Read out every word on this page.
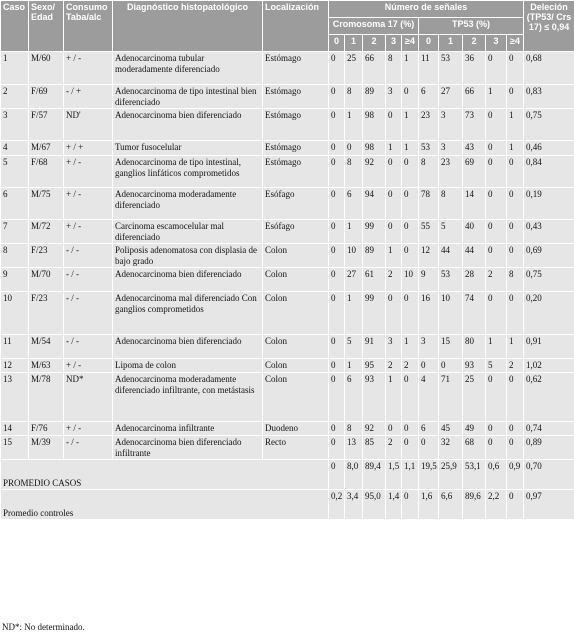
Caso	Sexo/ Edad	Consumo Taba/alc	Diagnóstico histopatológico	Localización	Número de señales										Deleción (TP53/ Crs 17) ≤ 0,94
					Cromosoma 17 (%)					TP53 (%)					
					0	1	2	3	≥4	0	1	2	3	≥4	
1	M/60	+ / -	Adenocarcinoma tubular moderadamente diferenciado	Estómago	0	25	66	8	1	11	53	36	0	0	0,68
2	F/69	- / +	Adenocarcinoma de tipo intestinal bien diferenciado	Estómago	0	8	89	3	0	6	27	66	1	0	0,83
3	F/57	ND'	Adenocarcinoma bien diferenciado	Estómago	0	1	98	0	1	23	3	73	0	1	0,75
4	M/67	+ / +	Tumor fusocelular	Estómago	0	0	98	1	1	53	3	43	0	1	0,46
5	F/68	+ / -	Adenocarcinoma de tipo intestinal, ganglios linfáticos comprometidos	Estómago	0	8	92	0	0	8	23	69	0	0	0,84
6	M/75	+ / -	Adenocarcinoma moderadamente diferenciado	Esófago	0	6	94	0	0	78	8	14	0	0	0,19
7	M/72	+ / -	Carcinoma escamocelular mal diferenciado	Esófago	0	1	99	0	0	55	5	40	0	0	0,43
8	F/23	- / -	Poliposis adenomatosa con displasia de bajo grado	Colon	0	10	89	1	0	12	44	44	0	0	0,69
9	M/70	- / -	Adenocarcinoma bien diferenciado	Colon	0	27	61	2	10	9	53	28	2	8	0,75
10	F/23	- / -	Adenocarcinoma mal diferenciado Con ganglios comprometidos	Colon	0	1	99	0	0	16	10	74	0	0	0,20
11	M/54	- / -	Adenocarcinoma bien diferenciado	Colon	0	5	91	3	1	3	15	80	1	1	0,91
12	M/63	+ / -	Lipoma de colon	Colon	0	1	95	2	2	0	0	93	5	2	1,02
13	M/78	ND*	Adenocarcinoma moderadamente diferenciado infiltrante, con metástasis	Colon	0	6	93	1	0	4	71	25	0	0	0,62
14	F/76	+ / -	Adenocarcinoma infiltrante	Duodeno	0	8	92	0	0	6	45	49	0	0	0,74
15	M/39	- / -	Adenocarcinoma bien diferenciado infiltrante	Recto	0	13	85	2	0	0	32	68	0	0	0,89
PROMEDIO CASOS					0	8,0	89,4	1,5	1,1	19,5	25,9	53,1	0,6	0,9	0,70
Promedio controles					0,2	3,4	95,0	1,4	0	1,6	6,6	89,6	2,2	0	0,97
ND*: No determinado.
